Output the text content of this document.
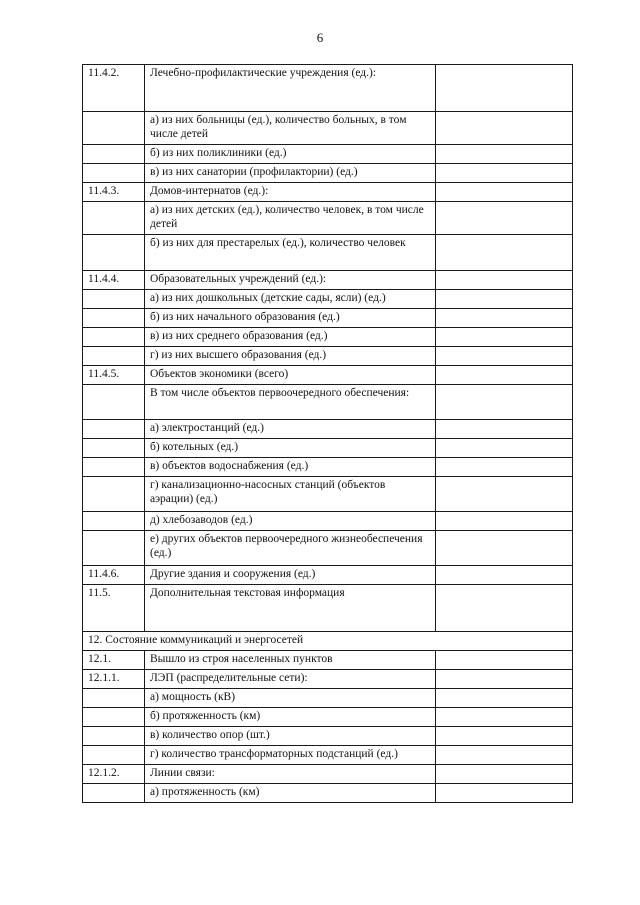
6
11.4.2.	Лечебно-профилактические учреждения (ед.):	
	а) из них больницы (ед.), количество больных, в том числе детей	
	б) из них поликлиники (ед.)	
	в) из них санатории (профилактории) (ед.)	
11.4.3.	Домов-интернатов (ед.):	
	а) из них детских (ед.), количество человек, в том числе детей	
	б) из них для престарелых (ед.), количество человек	
11.4.4.	Образовательных учреждений (ед.):	
	а) из них дошкольных (детские сады, ясли) (ед.)	
	б) из них начального образования (ед.)	
	в) из них среднего образования (ед.)	
	г) из них высшего образования (ед.)	
11.4.5.	Объектов экономики (всего)	
	В том числе объектов первоочередного обеспечения:	
	а) электростанций (ед.)	
	б) котельных (ед.)	
	в) объектов водоснабжения (ед.)	
	г) канализационно-насосных станций (объектов аэрации) (ед.)	
	д) хлебозаводов (ед.)	
	е) других объектов первоочередного жизнеобеспечения (ед.)	
11.4.6.	Другие здания и сооружения (ед.)	
11.5.	Дополнительная текстовая информация	
12. Состояние коммуникаций и энергосетей		
12.1.	Вышло из строя населенных пунктов	
12.1.1.	ЛЭП (распределительные сети):	
	а) мощность (кВ)	
	б) протяженность (км)	
	в) количество опор (шт.)	
	г) количество трансформаторных подстанций (ед.)	
12.1.2.	Линии связи:	
	а) протяженность (км)	
